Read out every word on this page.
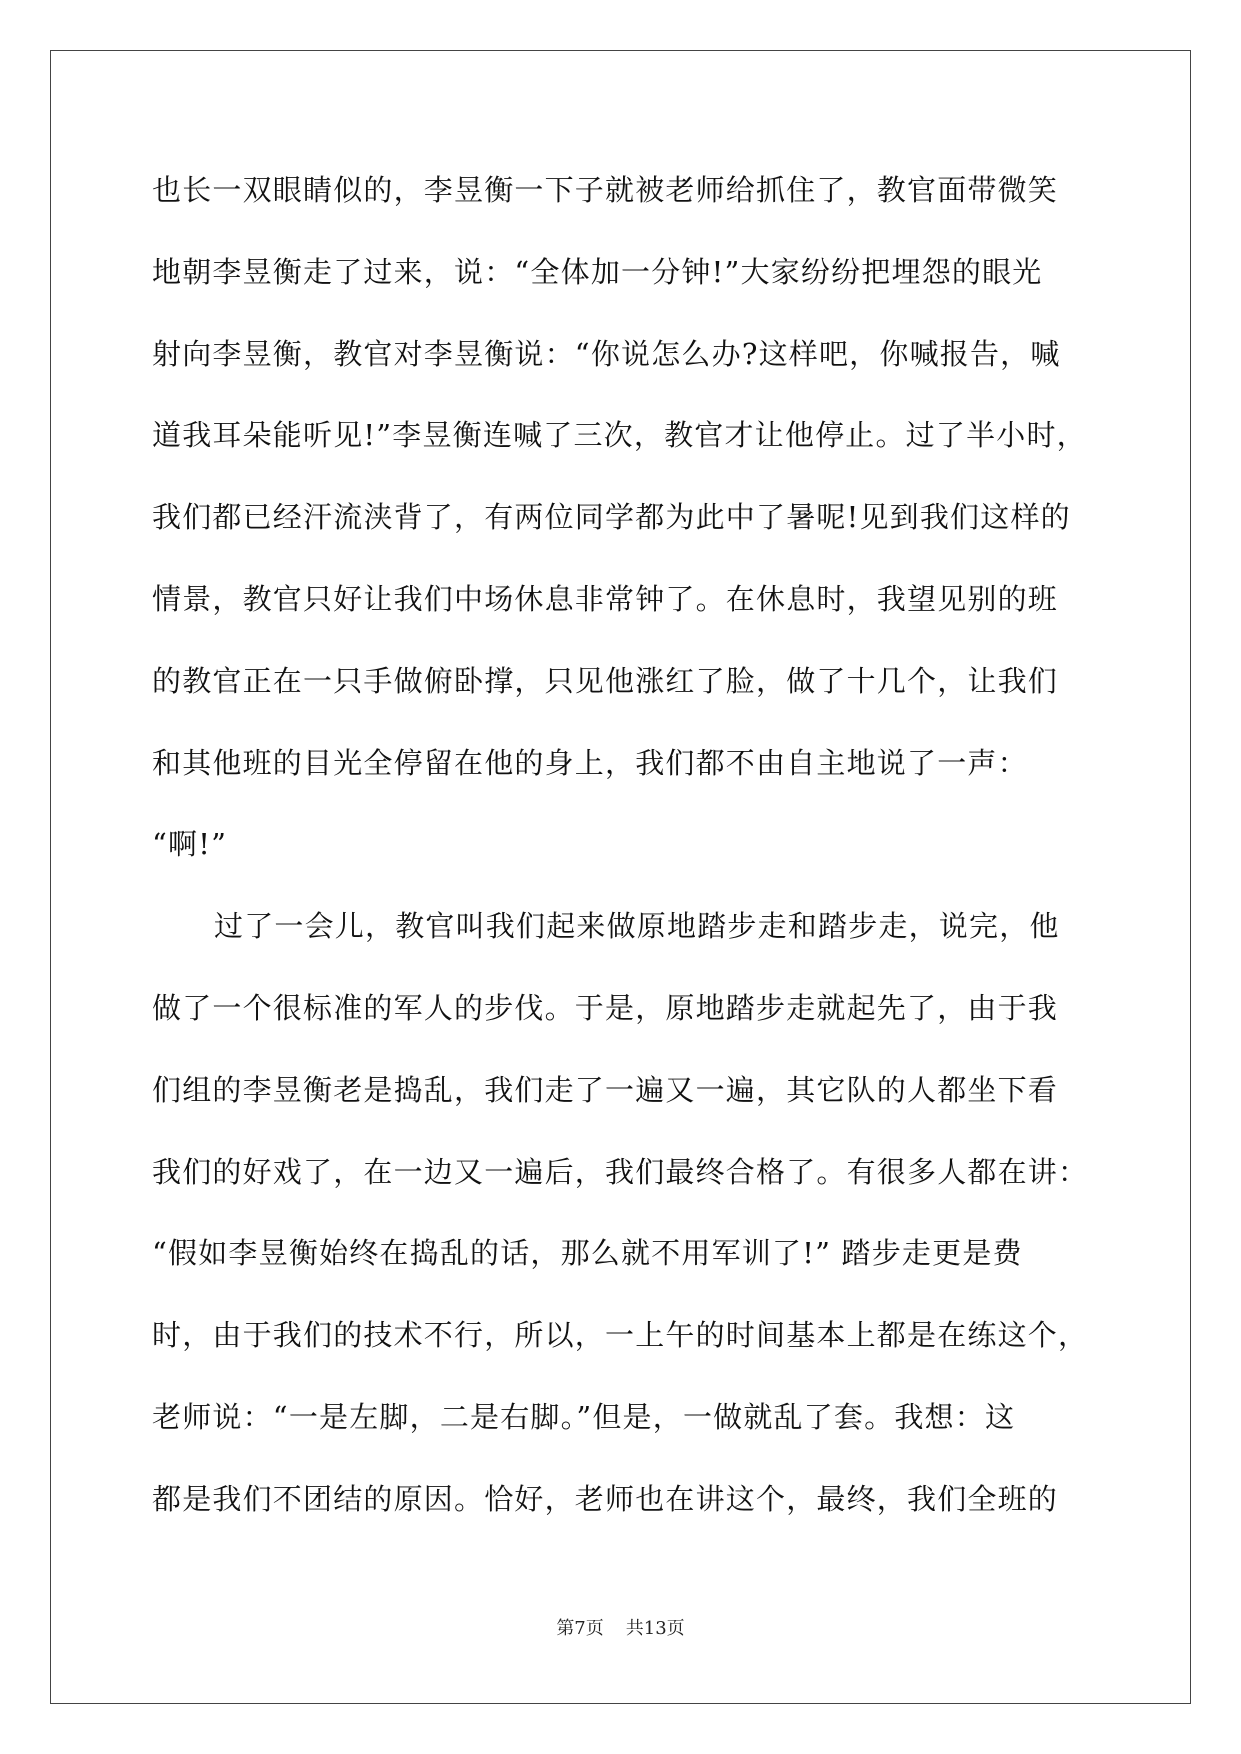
也长一双眼睛似的，李昱衡一下子就被老师给抓住了，教官面带微笑
地朝李昱衡走了过来，说：“全体加一分钟!”大家纷纷把埋怨的眼光
射向李昱衡，教官对李昱衡说：“你说怎么办?这样吧，你喊报告，喊
道我耳朵能听见!”李昱衡连喊了三次，教官才让他停止。过了半小时，
我们都已经汗流浃背了，有两位同学都为此中了暑呢!见到我们这样的
情景，教官只好让我们中场休息非常钟了。在休息时，我望见别的班
的教官正在一只手做俯卧撑，只见他涨红了脸，做了十几个，让我们
和其他班的目光全停留在他的身上，我们都不由自主地说了一声：
“啊!”
过了一会儿，教官叫我们起来做原地踏步走和踏步走，说完，他
做了一个很标准的军人的步伐。于是，原地踏步走就起先了，由于我
们组的李昱衡老是捣乱，我们走了一遍又一遍，其它队的人都坐下看
我们的好戏了，在一边又一遍后，我们最终合格了。有很多人都在讲：
“假如李昱衡始终在捣乱的话，那么就不用军训了!” 踏步走更是费
时，由于我们的技术不行，所以，一上午的时间基本上都是在练这个，
老师说：“一是左脚，二是右脚。”但是，一做就乱了套。我想：这
都是我们不团结的原因。恰好，老师也在讲这个，最终，我们全班的
第7页 共13页
